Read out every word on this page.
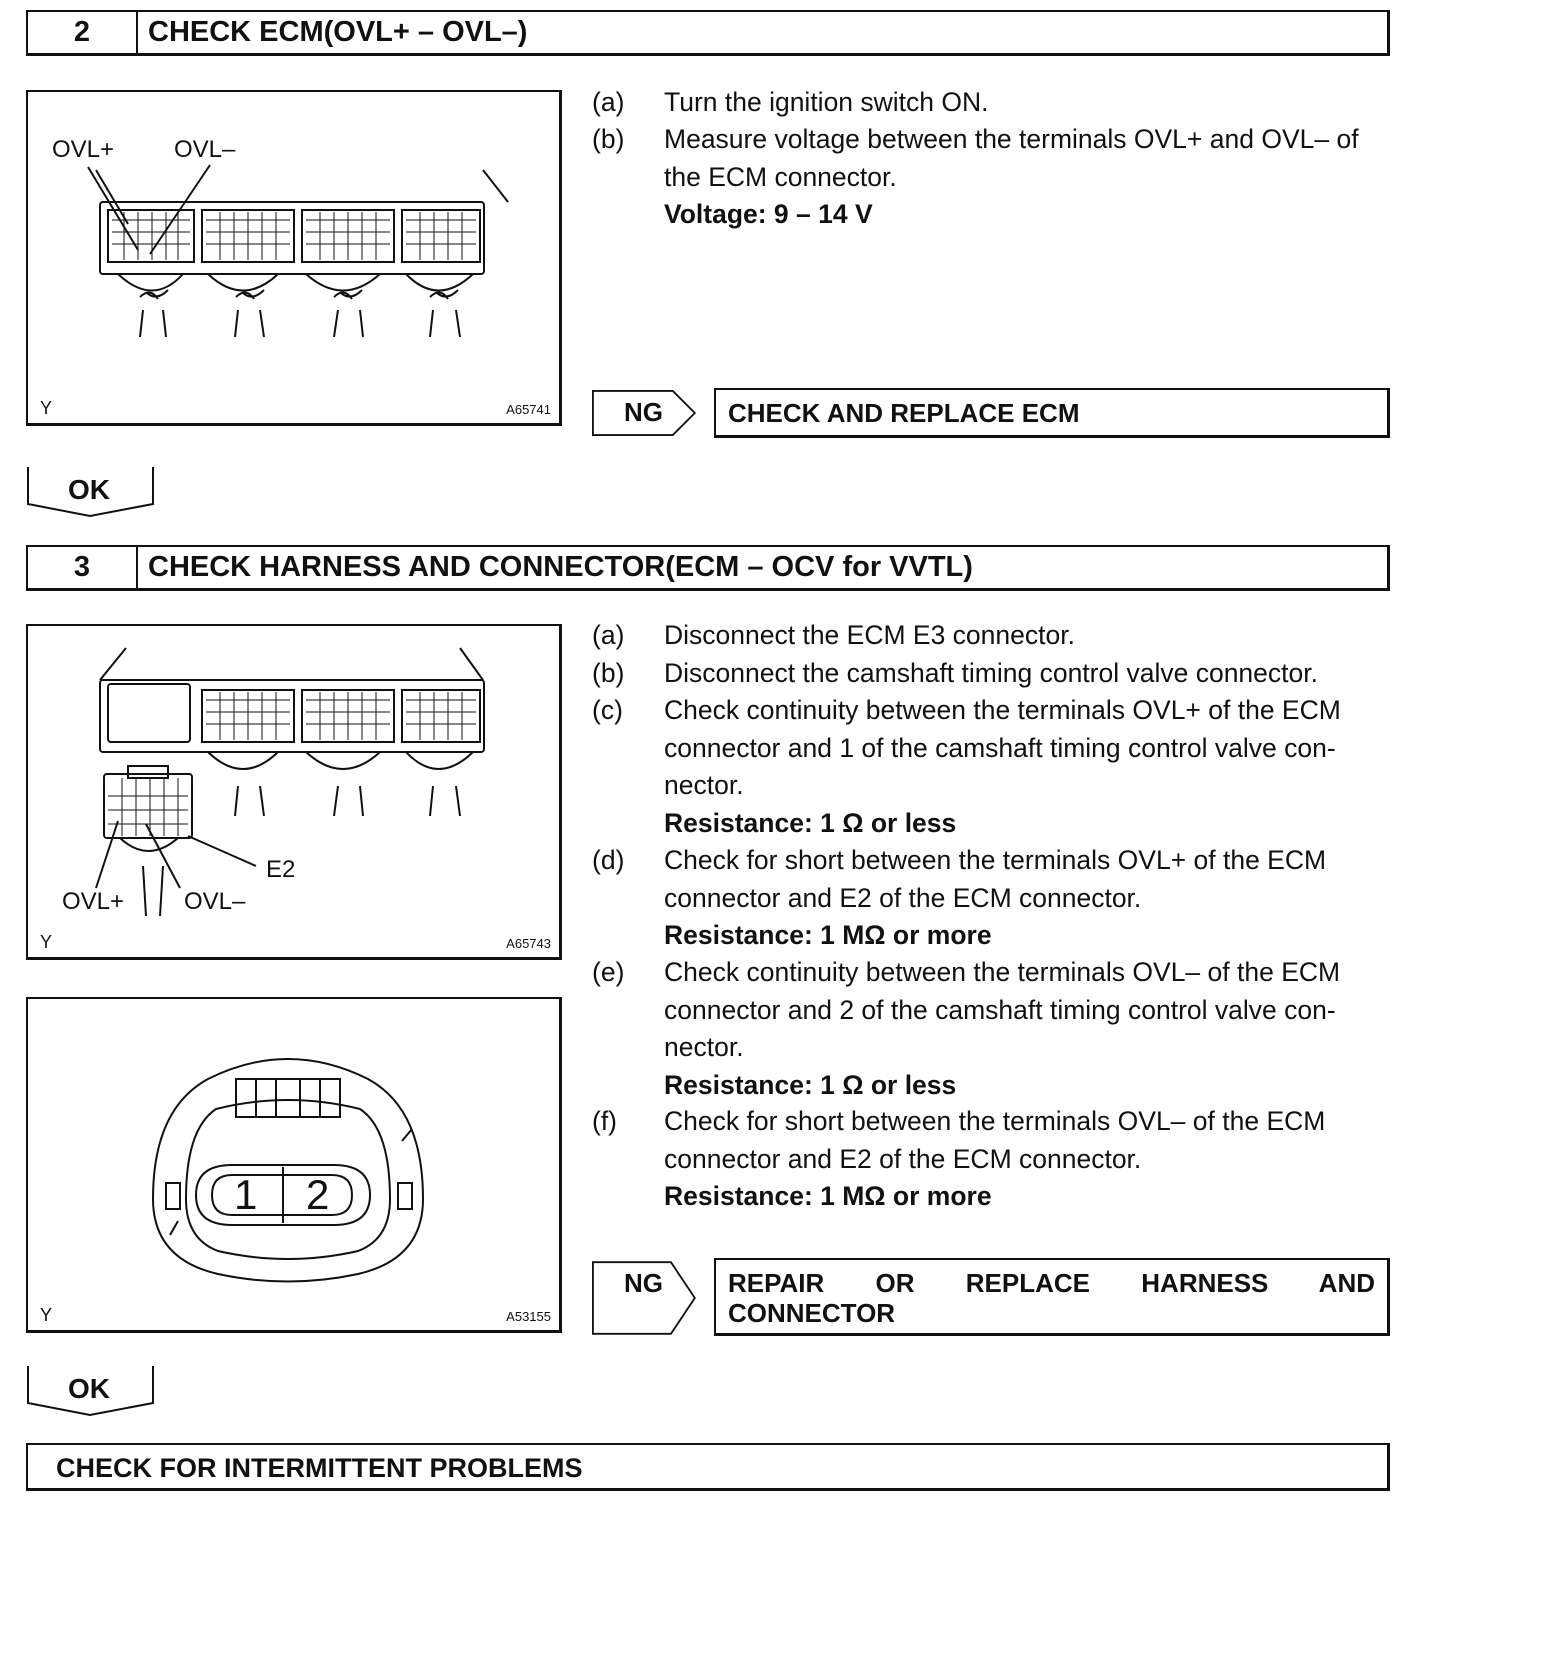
2	CHECK ECM(OVL+ – OVL–)
OVL+ OVL–
Y	A65741
(a)	Turn the ignition switch ON.
(b)	Measure voltage between the terminals OVL+ and OVL– of the ECM connector.
Voltage: 9 – 14 V
NG	CHECK AND REPLACE ECM
OK
3	CHECK HARNESS AND CONNECTOR(ECM – OCV for VVTL)
E2
OVL+ OVL–
Y	A65743
1 2
Y	A53155
(a)	Disconnect the ECM E3 connector.
(b)	Disconnect the camshaft timing control valve connector.
(c)	Check continuity between the terminals OVL+ of the ECM connector and 1 of the camshaft timing control valve con-nector.
Resistance: 1 Ω or less
(d)	Check for short between the terminals OVL+ of the ECM connector and E2 of the ECM connector.
Resistance: 1 MΩ or more
(e)	Check continuity between the terminals OVL– of the ECM connector and 2 of the camshaft timing control valve con-nector.
Resistance: 1 Ω or less
(f)	Check for short between the terminals OVL– of the ECM connector and E2 of the ECM connector.
Resistance: 1 MΩ or more
NG	REPAIR OR REPLACE HARNESS AND CONNECTOR
OK
CHECK FOR INTERMITTENT PROBLEMS
